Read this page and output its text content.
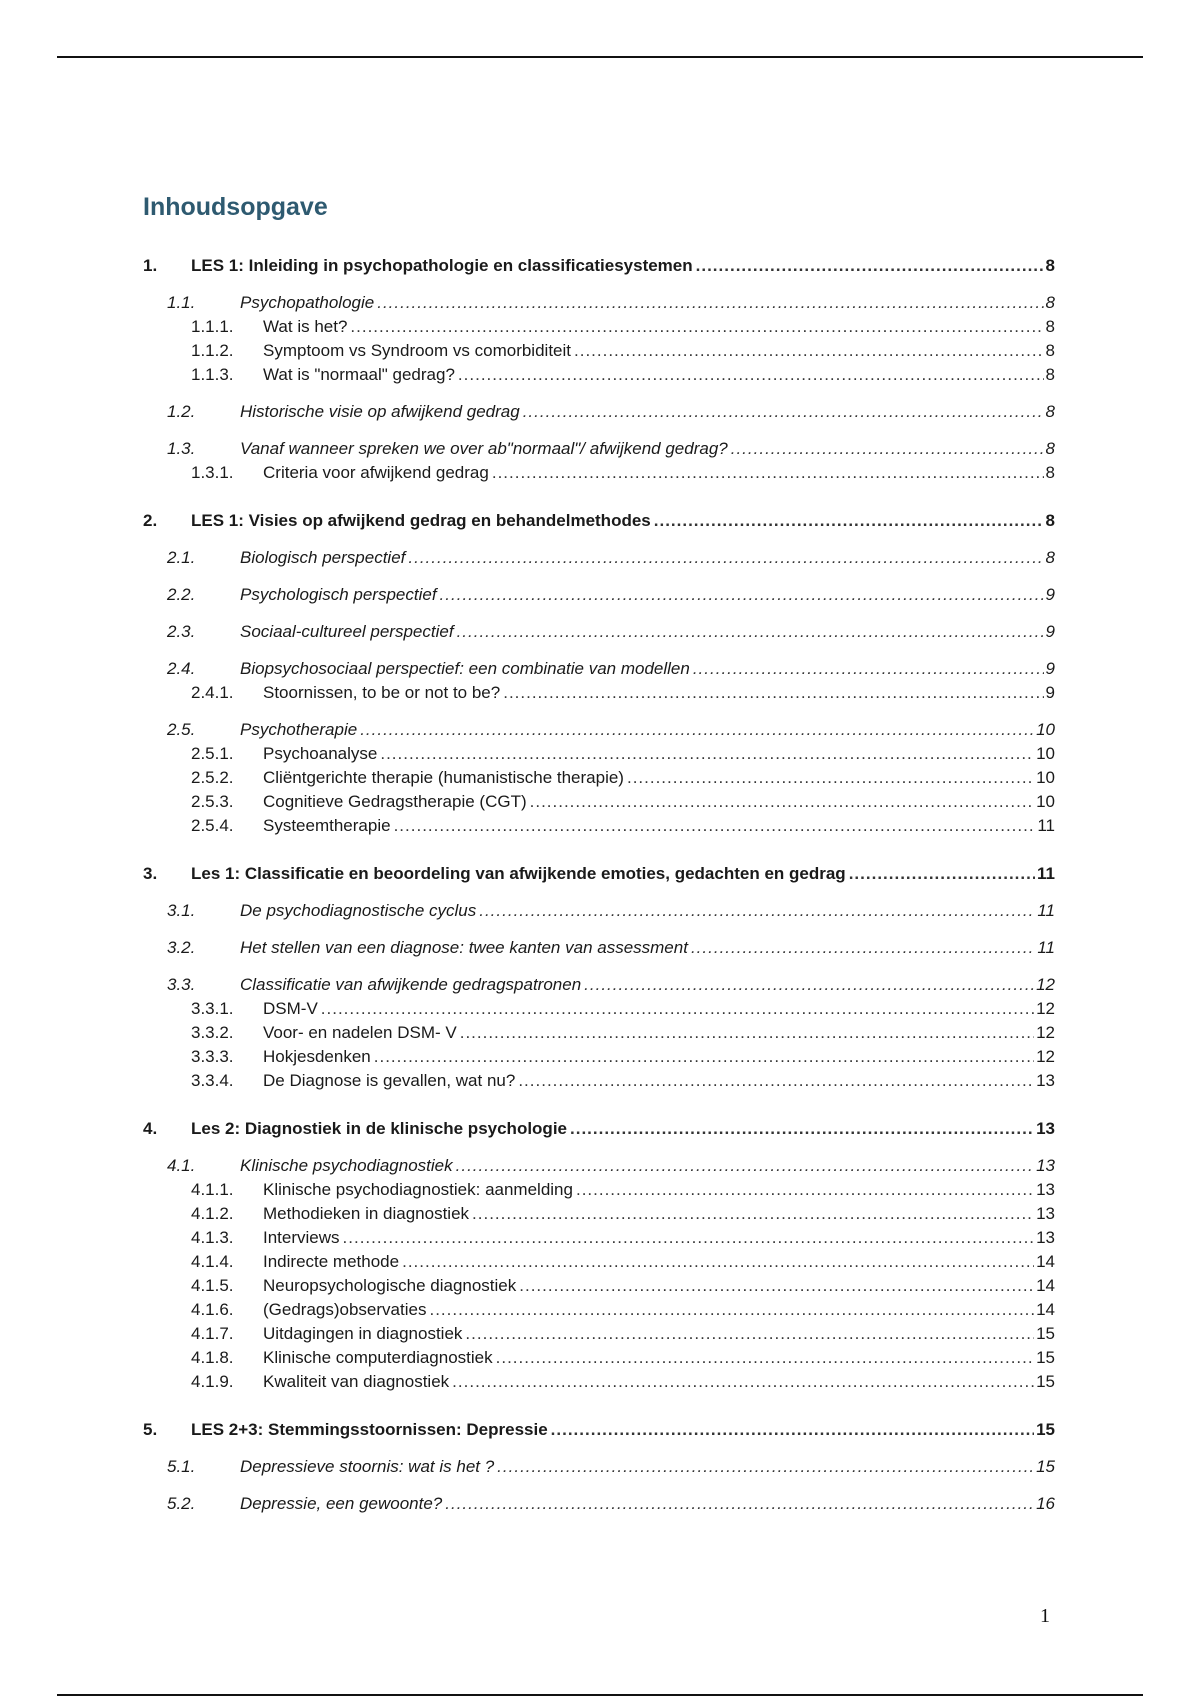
Inhoudsopgave
1.	LES 1: Inleiding in psychopathologie en classificatiesystemen .....	8
1.1.	Psychopathologie .....	8
1.1.1.	Wat is het? .....	8
1.1.2.	Symptoom vs Syndroom vs comorbiditeit .....	8
1.1.3.	Wat is "normaal" gedrag? .....	8
1.2.	Historische visie op afwijkend gedrag .....	8
1.3.	Vanaf wanneer spreken we over ab"normaal"/ afwijkend gedrag? .....	8
1.3.1.	Criteria voor afwijkend gedrag .....	8
2.	LES 1: Visies op afwijkend gedrag en behandelmethodes .....	8
2.1.	Biologisch perspectief .....	8
2.2.	Psychologisch perspectief .....	9
2.3.	Sociaal-cultureel perspectief .....	9
2.4.	Biopsychosociaal perspectief: een combinatie van modellen .....	9
2.4.1.	Stoornissen, to be or not to be? .....	9
2.5.	Psychotherapie .....	10
2.5.1.	Psychoanalyse .....	10
2.5.2.	Cliëntgerichte therapie (humanistische therapie) .....	10
2.5.3.	Cognitieve Gedragstherapie (CGT) .....	10
2.5.4.	Systeemtherapie .....	11
3.	Les 1: Classificatie en beoordeling van afwijkende emoties, gedachten en gedrag .....	11
3.1.	De psychodiagnostische cyclus .....	11
3.2.	Het stellen van een diagnose: twee kanten van assessment .....	11
3.3.	Classificatie van afwijkende gedragspatronen .....	12
3.3.1.	DSM-V .....	12
3.3.2.	Voor- en nadelen DSM- V .....	12
3.3.3.	Hokjesdenken .....	12
3.3.4.	De Diagnose is gevallen, wat nu? .....	13
4.	Les 2: Diagnostiek in de klinische psychologie .....	13
4.1.	Klinische psychodiagnostiek .....	13
4.1.1.	Klinische psychodiagnostiek: aanmelding .....	13
4.1.2.	Methodieken in diagnostiek .....	13
4.1.3.	Interviews .....	13
4.1.4.	Indirecte methode .....	14
4.1.5.	Neuropsychologische diagnostiek .....	14
4.1.6.	(Gedrags)observaties .....	14
4.1.7.	Uitdagingen in diagnostiek .....	15
4.1.8.	Klinische computerdiagnostiek .....	15
4.1.9.	Kwaliteit van diagnostiek .....	15
5.	LES 2+3: Stemmingsstoornissen: Depressie .....	15
5.1.	Depressieve stoornis: wat is het ? .....	15
5.2.	Depressie, een gewoonte? .....	16
1
